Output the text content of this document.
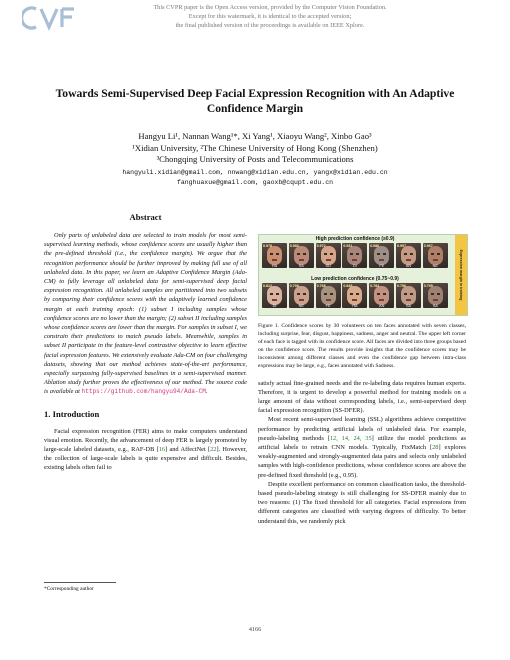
This CVPR paper is the Open Access version, provided by the Computer Vision Foundation.
Except for this watermark, it is identical to the accepted version;
the final published version of the proceedings is available on IEEE Xplore.
Towards Semi-Supervised Deep Facial Expression Recognition with An Adaptive
Confidence Margin
Hangyu Li¹, Nannan Wang¹*, Xi Yang¹, Xiaoyu Wang², Xinbo Gao³
¹Xidian University, ²The Chinese University of Hong Kong (Shenzhen)
³Chongqing University of Posts and Telecommunications
hangyuli.xidian@gmail.com, nnwang@xidian.edu.cn, yangx@xidian.edu.cn
fanghuaxue@gmail.com, gaoxb@cqupt.edu.cn
Abstract

Only parts of unlabeled data are selected to train models for most semi-supervised learning methods, whose confidence scores are usually higher than the pre-defined threshold (i.e., the confidence margin). We argue that the recognition performance should be further improved by making full use of all unlabeled data. In this paper, we learn an Adaptive Confidence Margin (Ada-CM) to fully leverage all unlabeled data for semi-supervised deep facial expression recognition. All unlabeled samples are partitioned into two subsets by comparing their confidence scores with the adaptively learned confidence margin at each training epoch: (1) subset I including samples whose confidence scores are no lower than the margin; (2) subset II including samples whose confidence scores are lower than the margin. For samples in subset I, we constrain their predictions to match pseudo labels. Meanwhile, samples in subset II participate in the feature-level contrastive objective to learn effective facial expression features. We extensively evaluate Ada-CM on four challenging datasets, showing that our method achieves state-of-the-art performance, especially surpassing fully-supervised baselines in a semi-supervised manner. Ablation study further proves the effectiveness of our method. The source code is available at https://github.com/hangyu94/Ada-CM.

1. Introduction

Facial expression recognition (FER) aims to make computers understand visual emotion. Recently, the advancement of deep FER is largely promoted by large-scale labeled datasets, e.g., RAF-DB [16] and AffectNet [22]. However, the collection of large-scale labels is quite expensive and difficult. Besides, existing labels often fail to

High prediction confidence (≥0.9)
Low prediction confidence (0.75~0.9)	Expression margin in training
0.978
HA
0.983
SA
0.972
SU
0.931
DI
0.986
FE
0.957
AN
0.967
NE
0.812
DI
0.799
NE
0.768
FE
0.848
HA
0.784
AN
0.756
SA
0.795
SA

Figure 1. Confidence scores by 30 volunteers on ten faces annotated with seven classes, including surprise, fear, disgust, happiness, sadness, anger and neutral. The upper left corner of each face is tagged with its confidence score. All faces are divided into three groups based on the confidence score. The results provide insights that the confidence scores may be inconsistent among different classes and even the confidence gap between intra-class expressions may be large, e.g., faces annotated with Sadness.

satisfy actual fine-grained needs and the re-labeling data requires human experts. Therefore, it is urgent to develop a powerful method for training models on a large amount of data without corresponding labels, i.e., semi-supervised deep facial expression recognition (SS-DFER).

Most recent semi-supervised learning (SSL) algorithms achieve competitive performance by predicting artificial labels of unlabeled data. For example, pseudo-labeling methods [12, 14, 24, 35] utilize the model predictions as artificial labels to retrain CNN models. Typically, FixMatch [28] explores weakly-augmented and strongly-augmented data pairs and selects only unlabeled samples with high-confidence predictions, whose confidence scores are above the pre-defined fixed threshold (e.g., 0.95).

Despite excellent performance on common classification tasks, the threshold-based pseudo-labeling strategy is still challenging for SS-DFER mainly due to two reasons: (1) The fixed threshold for all categories. Facial expressions from different categories are classified with varying degrees of difficulty. To better understand this, we randomly pick

*Corresponding author
4166
